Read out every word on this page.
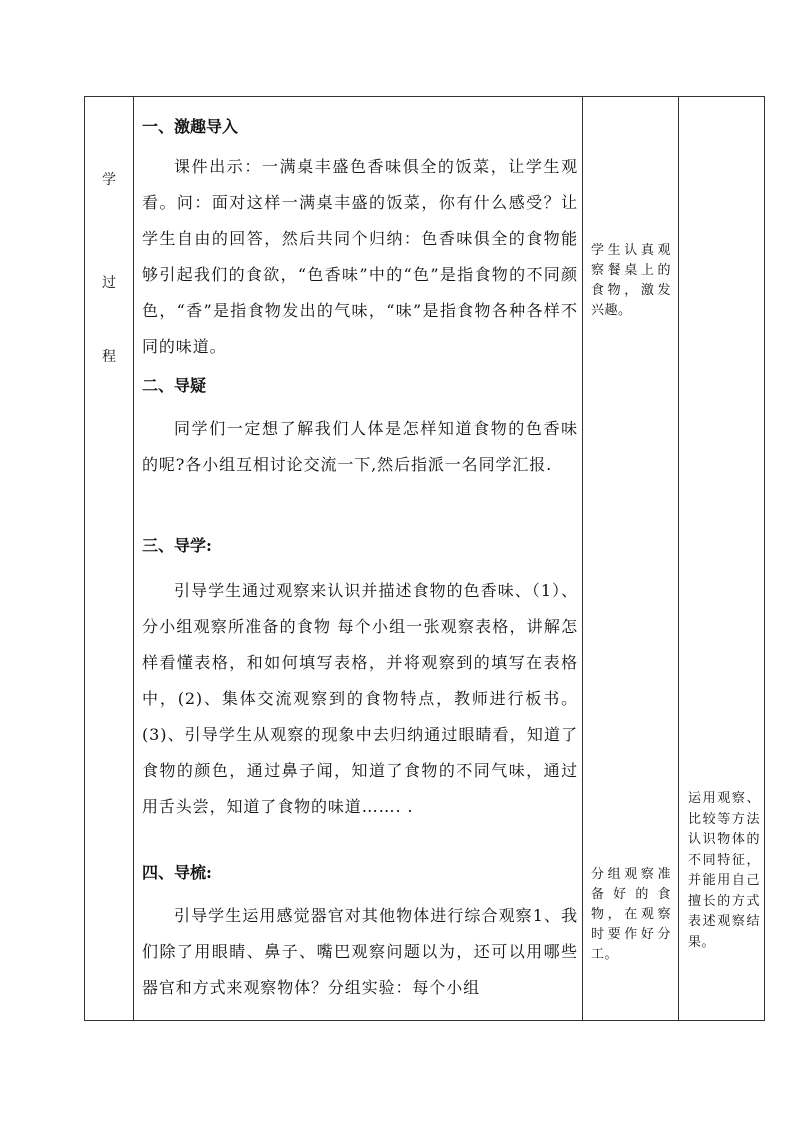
学
过
程
一、激趣导入
课件出示：一满桌丰盛色香味俱全的饭菜，让学生观看。问：面对这样一满桌丰盛的饭菜，你有什么感受？让学生自由的回答，然后共同个归纳：色香味俱全的食物能够引起我们的食欲，“色香味”中的“色”是指食物的不同颜色，“香”是指食物发出的气味，“味”是指食物各种各样不同的味道。
二、导疑
同学们一定想了解我们人体是怎样知道食物的色香味的呢?各小组互相讨论交流一下,然后指派一名同学汇报.
三、导学:
引导学生通过观察来认识并描述食物的色香味、（1）、分小组观察所准备的食物 每个小组一张观察表格，讲解怎样看懂表格，和如何填写表格，并将观察到的填写在表格中，(2)、集体交流观察到的食物特点，教师进行板书。(3)、引导学生从观察的现象中去归纳通过眼睛看，知道了食物的颜色，通过鼻子闻，知道了食物的不同气味，通过用舌头尝，知道了食物的味道……. .
四、导梳:
引导学生运用感觉器官对其他物体进行综合观察1、我们除了用眼睛、鼻子、嘴巴观察问题以为，还可以用哪些器官和方式来观察物体？分组实验：每个小组
学生认真观察餐桌上的食物，激发兴趣。
分组观察准备好的食物，在观察时要作好分工。
运用观察、比较等方法认识物体的不同特征，并能用自己擅长的方式表述观察结果。
